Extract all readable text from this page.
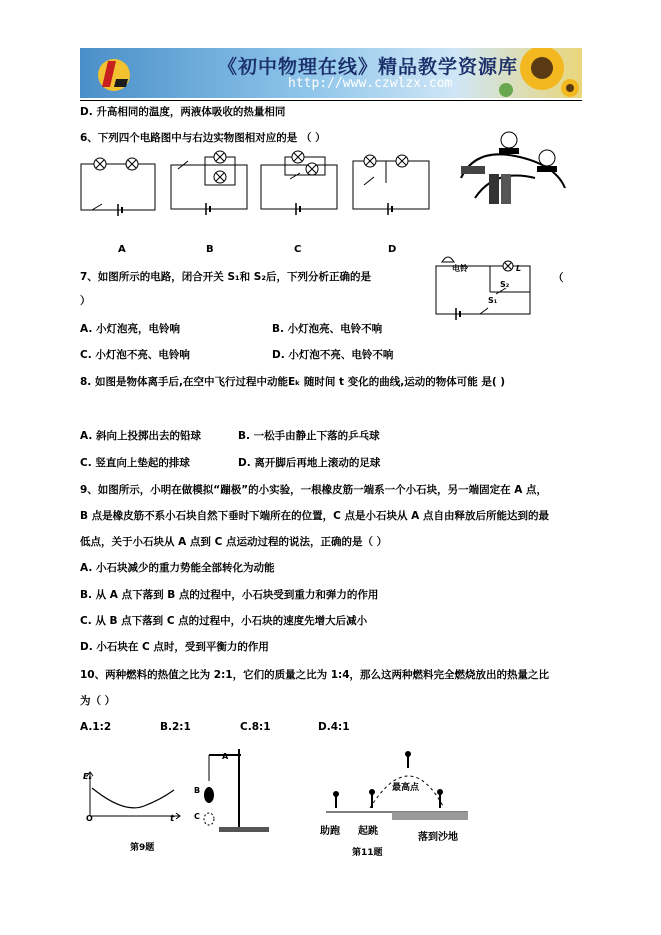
《初中物理在线》精品教学资源库
http://www.czwlzx.com
D. 升高相同的温度，两液体吸收的热量相同
6、下列四个电路图中与右边实物图相对应的是 （ ）
A	B	C	D
7、如图所示的电路，闭合开关 S₁和 S₂后，下列分析正确的是	（
）
电铃	L
S₁
S₂
A. 小灯泡亮，电铃响	B. 小灯泡亮、电铃不响
C. 小灯泡不亮、电铃响	D. 小灯泡不亮、电铃不响
8. 如图是物体离手后,在空中飞行过程中动能Eₖ 随时间 t 变化的曲线,运动的物体可能 是( )
A. 斜向上投掷出去的铅球	B. 一松手由静止下落的乒乓球
C. 竖直向上垫起的排球	D. 离开脚后再地上滚动的足球
9、如图所示，小明在做模拟“蹦极”的小实验，一根橡皮筋一端系一个小石块，另一端固定在 A 点，
B 点是橡皮筋不系小石块自然下垂时下端所在的位置，C 点是小石块从 A 点自由释放后所能达到的最
低点，关于小石块从 A 点到 C 点运动过程的说法，正确的是（ ）
A. 小石块减少的重力势能全部转化为动能
B. 从 A 点下落到 B 点的过程中，小石块受到重力和弹力的作用
C. 从 B 点下落到 C 点的过程中，小石块的速度先增大后减小
D. 小石块在 C 点时，受到平衡力的作用
10、两种燃料的热值之比为 2:1，它们的质量之比为 1:4，那么这两种燃料完全燃烧放出的热量之比
为（ ）
A.1:2	B.2:1	C.8:1	D.4:1
Eₖ
O	t
第9题
A
B
C
最高点
助跑 起跳
落到沙地
第11题
